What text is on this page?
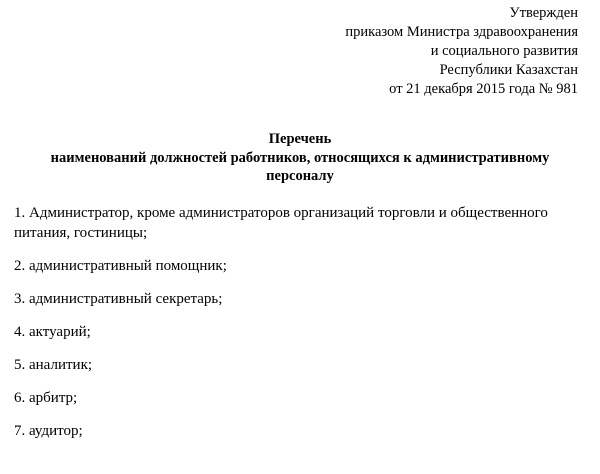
Утвержден
приказом Министра здравоохранения
и социального развития
Республики Казахстан
от 21 декабря 2015 года № 981
Перечень
наименований должностей работников, относящихся к административному
персоналу
1. Администратор, кроме администраторов организаций торговли и общественного
питания, гостиницы;
2. административный помощник;
3. административный секретарь;
4. актуарий;
5. аналитик;
6. арбитр;
7. аудитор;
